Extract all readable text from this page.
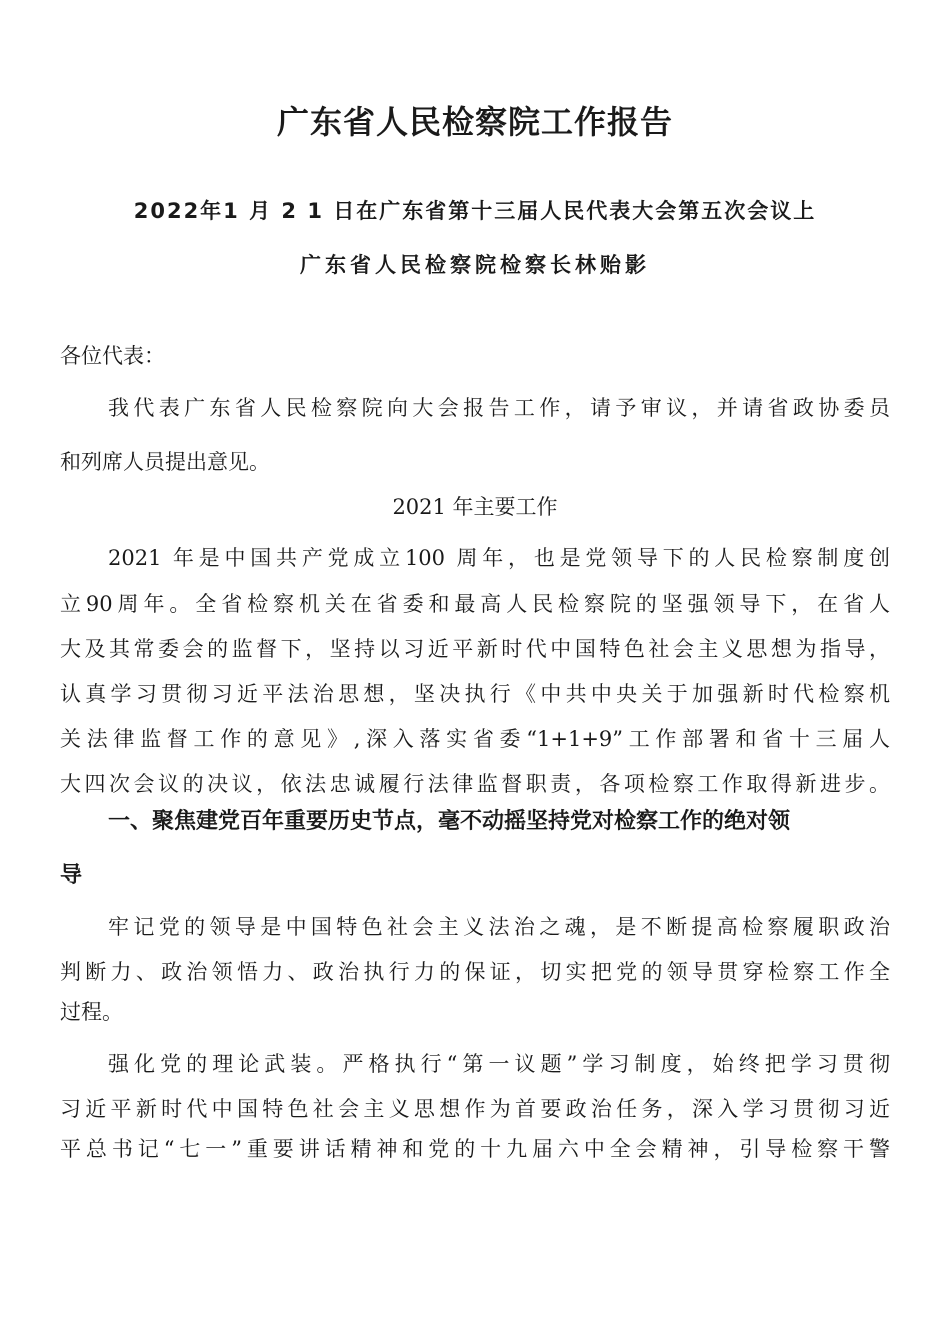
广东省人民检察院工作报告
2022年1 月 2 1 日在广东省第十三届人民代表大会第五次会议上
广东省人民检察院检察长林贻影
各位代表：
我代表广东省人民检察院向大会报告工作，请予审议，并请省政协委员
和列席人员提出意见。
2021 年主要工作
2021 年是中国共产党成立100 周年，也是党领导下的人民检察制度创
立90周年。全省检察机关在省委和最高人民检察院的坚强领导下，在省人
大及其常委会的监督下，坚持以习近平新时代中国特色社会主义思想为指导，
认真学习贯彻习近平法治思想，坚决执行《中共中央关于加强新时代检察机
关法律监督工作的意见》,深入落实省委“1+1+9”工作部署和省十三届人
大四次会议的决议，依法忠诚履行法律监督职责，各项检察工作取得新进步。
一、聚焦建党百年重要历史节点，毫不动摇坚持党对检察工作的绝对领
导
牢记党的领导是中国特色社会主义法治之魂，是不断提高检察履职政治
判断力、政治领悟力、政治执行力的保证，切实把党的领导贯穿检察工作全
过程。
强化党的理论武装。严格执行“第一议题”学习制度，始终把学习贯彻
习近平新时代中国特色社会主义思想作为首要政治任务，深入学习贯彻习近
平总书记“七一”重要讲话精神和党的十九届六中全会精神，引导检察干警
